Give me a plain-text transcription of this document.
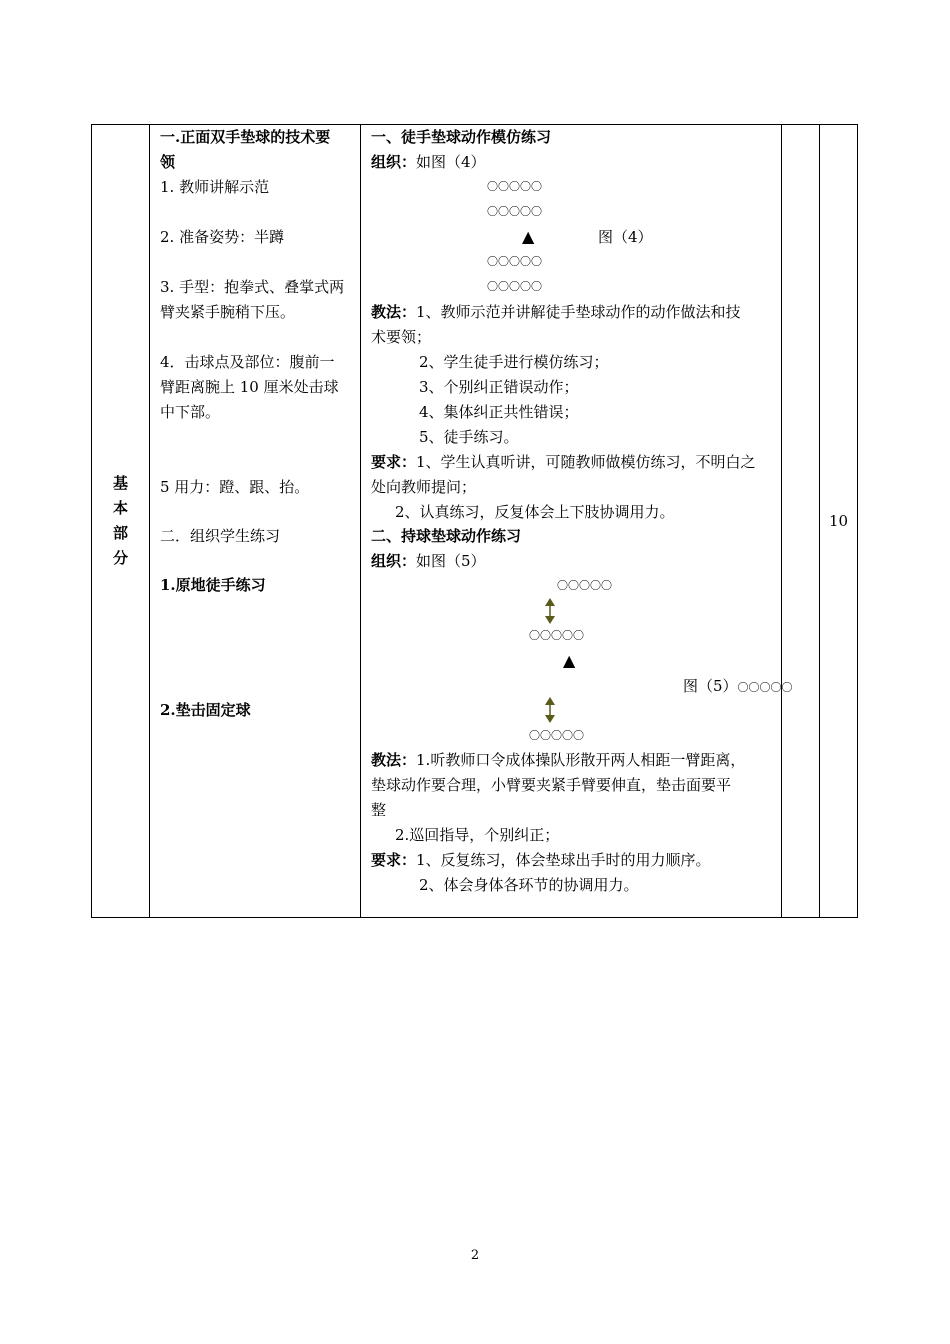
基
本
部
分

一.正面双手垫球的技术要
领
1. 教师讲解示范
2. 准备姿势：半蹲
3. 手型：抱拳式、叠掌式两
臂夹紧手腕稍下压。
4．击球点及部位：腹前一
臂距离腕上 10 厘米处击球
中下部。
5 用力：蹬、跟、抬。
二．组织学生练习
1.原地徒手练习
2.垫击固定球

一、徒手垫球动作模仿练习
组织：如图（4）
〇〇〇〇〇
〇〇〇〇〇
▲	图（4）
〇〇〇〇〇
〇〇〇〇〇
教法：1、教师示范并讲解徒手垫球动作的动作做法和技
术要领；
2、学生徒手进行模仿练习；
3、个别纠正错误动作；
4、集体纠正共性错误；
5、徒手练习。
要求：1、学生认真听讲，可随教师做模仿练习，不明白之
处向教师提问；
2、认真练习，反复体会上下肢协调用力。
二、持球垫球动作练习
组织：如图（5）
〇〇〇〇〇
〇〇〇〇〇
▲
图（5）〇〇〇〇〇
〇〇〇〇〇
教法：1.听教师口令成体操队形散开两人相距一臂距离，
垫球动作要合理，小臂要夹紧手臂要伸直，垫击面要平
整
2.巡回指导，个别纠正；
要求：1、反复练习，体会垫球出手时的用力顺序。
2、体会身体各环节的协调用力。
		10
2
